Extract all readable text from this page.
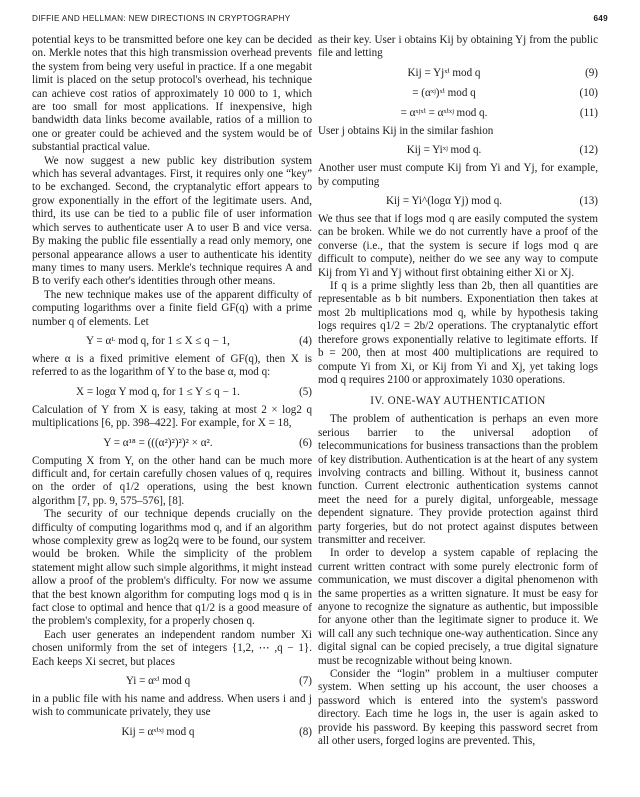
DIFFIE AND HELLMAN: NEW DIRECTIONS IN CRYPTOGRAPHY	649

potential keys to be transmitted before one key can be decided on. Merkle notes that this high transmission overhead prevents the system from being very useful in practice. If a one megabit limit is placed on the setup protocol's overhead, his technique can achieve cost ratios of approximately 10 000 to 1, which are too small for most applications. If inexpensive, high bandwidth data links become available, ratios of a million to one or greater could be achieved and the system would be of substantial practical value.

We now suggest a new public key distribution system which has several advantages. First, it requires only one “key” to be exchanged. Second, the cryptanalytic effort appears to grow exponentially in the effort of the legitimate users. And, third, its use can be tied to a public file of user information which serves to authenticate user A to user B and vice versa. By making the public file essentially a read only memory, one personal appearance allows a user to authenticate his identity many times to many users. Merkle's technique requires A and B to verify each other's identities through other means.

The new technique makes use of the apparent difficulty of computing logarithms over a finite field GF(q) with a prime number q of elements. Let

Y = αᴸ mod q, for 1 ≤ X ≤ q − 1,	(4)

where α is a fixed primitive element of GF(q), then X is referred to as the logarithm of Y to the base α, mod q:

X = logα Y mod q, for 1 ≤ Y ≤ q − 1.	(5)

Calculation of Y from X is easy, taking at most 2 × log2 q multiplications [6, pp. 398–422]. For example, for X = 18,

Y = α¹⁸ = (((α²)²)²)² × α².	(6)

Computing X from Y, on the other hand can be much more difficult and, for certain carefully chosen values of q, requires on the order of q1/2 operations, using the best known algorithm [7, pp. 9, 575–576], [8].

The security of our technique depends crucially on the difficulty of computing logarithms mod q, and if an algorithm whose complexity grew as log2q were to be found, our system would be broken. While the simplicity of the problem statement might allow such simple algorithms, it might instead allow a proof of the problem's difficulty. For now we assume that the best known algorithm for computing logs mod q is in fact close to optimal and hence that q1/2 is a good measure of the problem's complexity, for a properly chosen q.

Each user generates an independent random number Xi chosen uniformly from the set of integers {1,2, ⋯ ,q − 1}. Each keeps Xi secret, but places

Yi = αˣⁱ mod q	(7)

in a public file with his name and address. When users i and j wish to communicate privately, they use

Kij = αˣⁱˣʲ mod q	(8)

as their key. User i obtains Kij by obtaining Yj from the public file and letting

Kij = Yjˣⁱ mod q	(9)
= (αˣʲ)ˣⁱ mod q	(10)
= αˣʲˣⁱ = αˣⁱˣʲ mod q.	(11)

User j obtains Kij in the similar fashion

Kij = Yiˣʲ mod q.	(12)

Another user must compute Kij from Yi and Yj, for example, by computing

Kij = Yi^(logα Yj) mod q.	(13)

We thus see that if logs mod q are easily computed the system can be broken. While we do not currently have a proof of the converse (i.e., that the system is secure if logs mod q are difficult to compute), neither do we see any way to compute Kij from Yi and Yj without first obtaining either Xi or Xj.

If q is a prime slightly less than 2b, then all quantities are representable as b bit numbers. Exponentiation then takes at most 2b multiplications mod q, while by hypothesis taking logs requires q1/2 = 2b/2 operations. The cryptanalytic effort therefore grows exponentially relative to legitimate efforts. If b = 200, then at most 400 multiplications are required to compute Yi from Xi, or Kij from Yi and Xj, yet taking logs mod q requires 2100 or approximately 1030 operations.

IV. ONE-WAY AUTHENTICATION

The problem of authentication is perhaps an even more serious barrier to the universal adoption of telecommunications for business transactions than the problem of key distribution. Authentication is at the heart of any system involving contracts and billing. Without it, business cannot function. Current electronic authentication systems cannot meet the need for a purely digital, unforgeable, message dependent signature. They provide protection against third party forgeries, but do not protect against disputes between transmitter and receiver.

In order to develop a system capable of replacing the current written contract with some purely electronic form of communication, we must discover a digital phenomenon with the same properties as a written signature. It must be easy for anyone to recognize the signature as authentic, but impossible for anyone other than the legitimate signer to produce it. We will call any such technique one-way authentication. Since any digital signal can be copied precisely, a true digital signature must be recognizable without being known.

Consider the “login” problem in a multiuser computer system. When setting up his account, the user chooses a password which is entered into the system's password directory. Each time he logs in, the user is again asked to provide his password. By keeping this password secret from all other users, forged logins are prevented. This,
